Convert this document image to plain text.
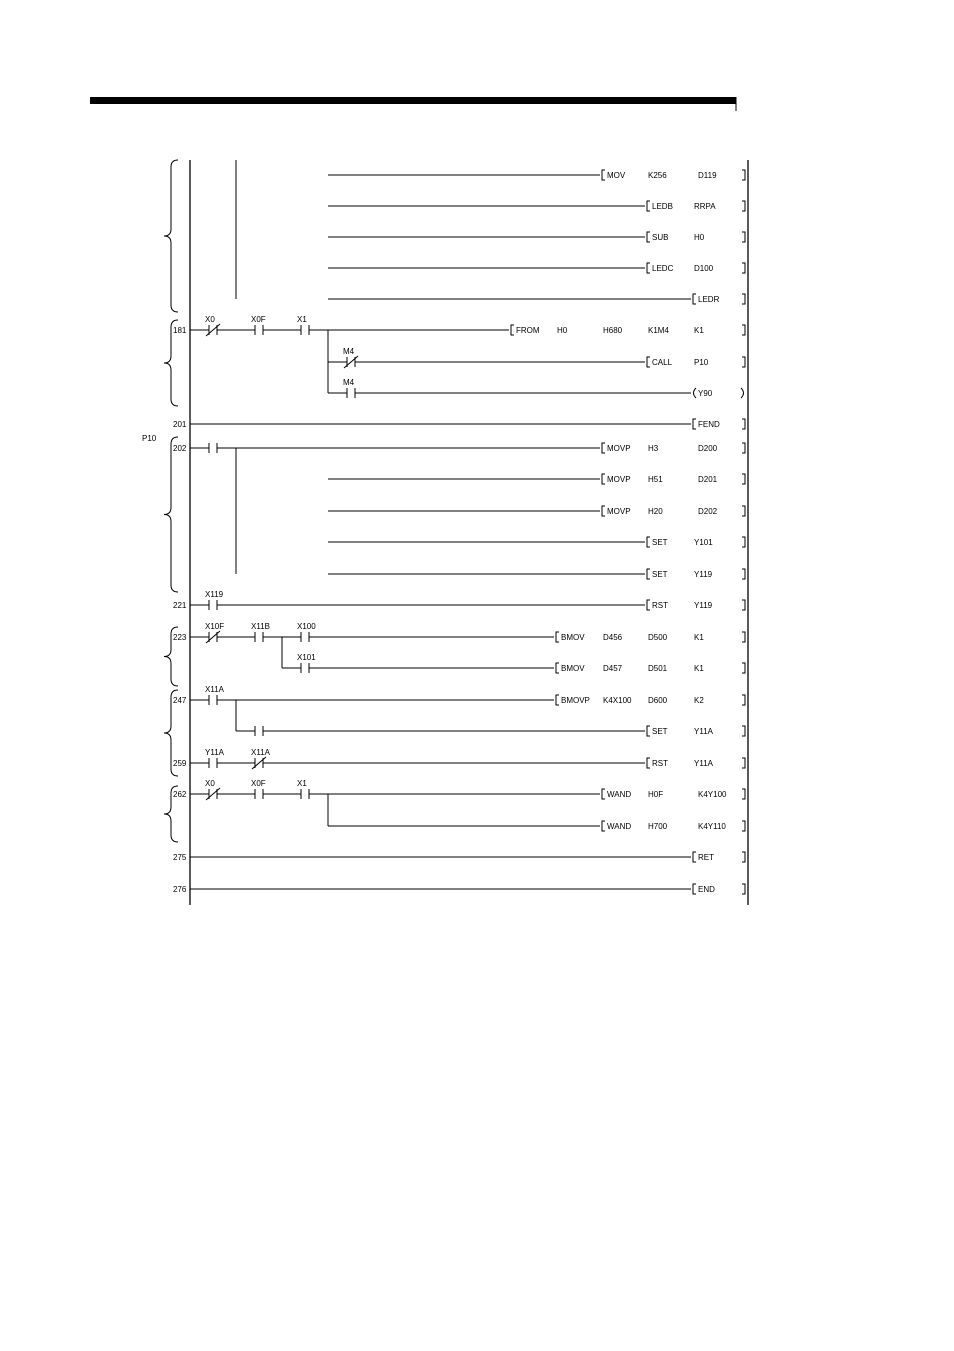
P10
MOV	K256	D119
LEDB	RRPA
SUB	H0
LEDC	D100
LEDR
181
X0	X0F	X1
FROM H0	H680	K1M4	K1
M4
CALL	P10
M4
Y90
201	FEND
202	MOVP H3	D200
MOVP H51	D201
MOVP H20	D202
SET	Y101
SET	Y119
221
X119
RST	Y119
223
X10F	X11B	X100
BMOV D456	D500	K1
X101
BMOV D457	D501	K1
247
X11A
BMOVP K4X100 D600	K2
SET	Y11A
259
Y11A	X11A
RST	Y11A
262
X0	X0F	X1
WAND H0F	K4Y100
WAND H700	K4Y110
275	RET
276	END
